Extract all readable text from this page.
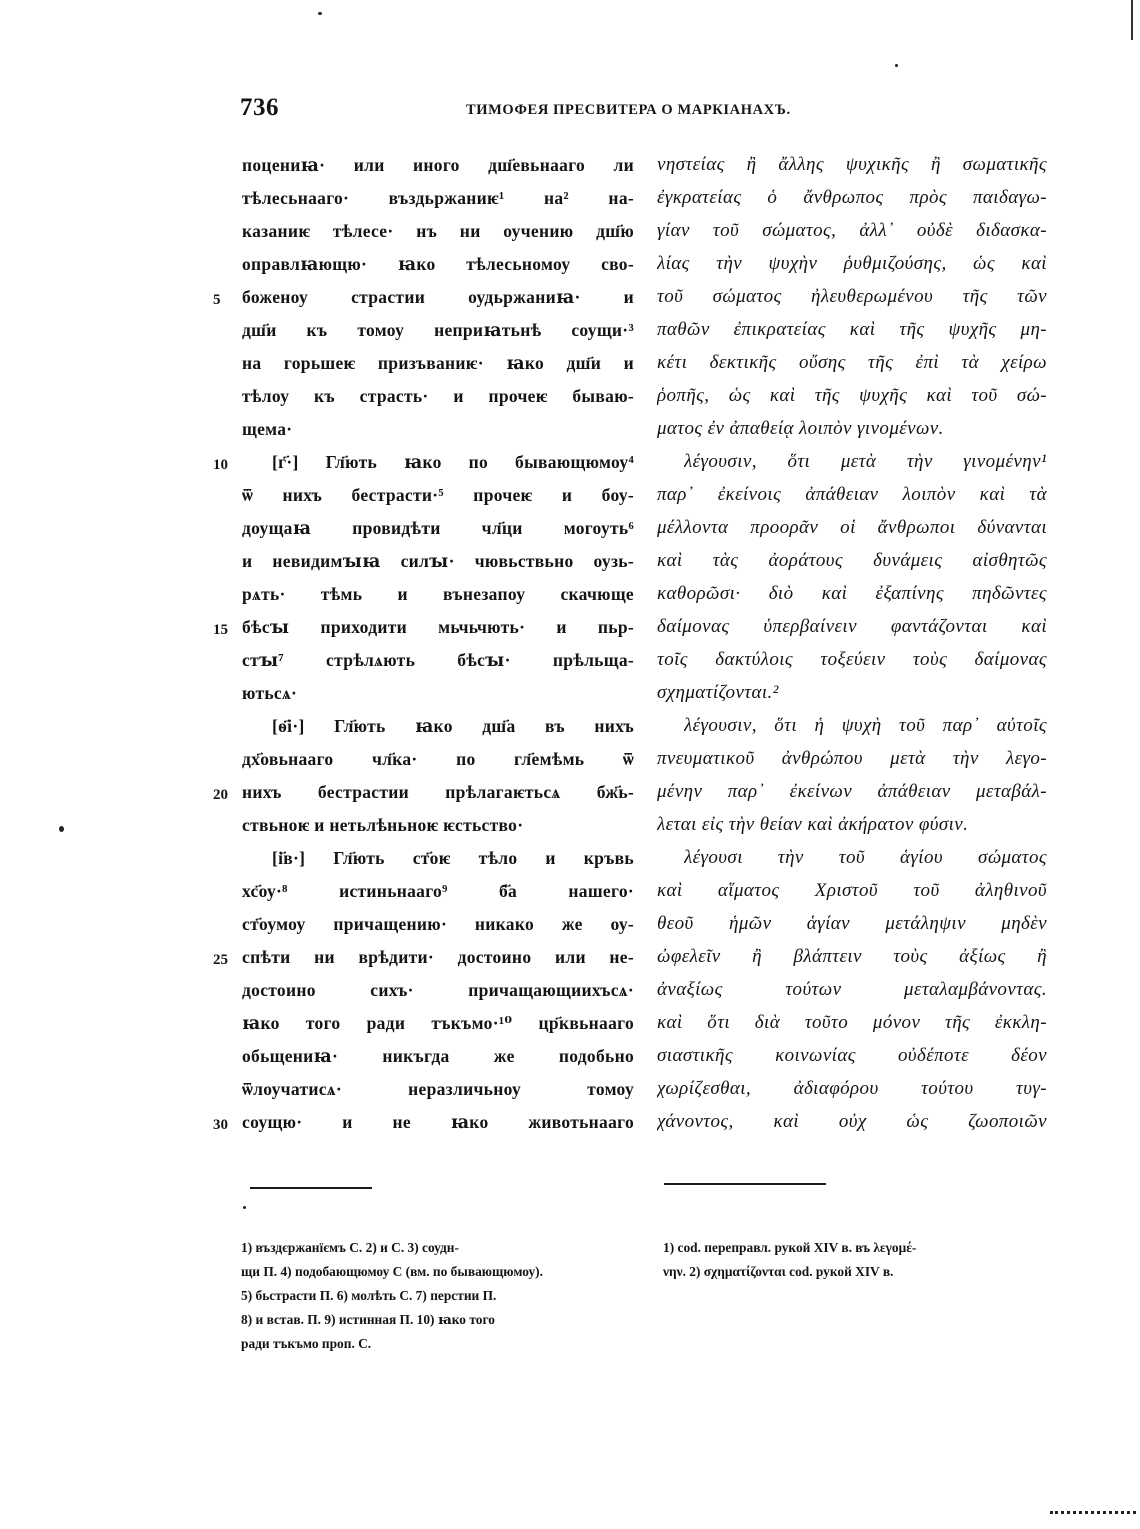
736	ТИМОФЕЯ ПРЕСВИТЕРА О МАРКІАНАХЪ.
поцениꙗ· или иного дш҃евьнааго ли
тѣлесьнааго· въздьржаниѥ¹ на² на-
казаниѥ тѣлесе· нъ ни оучению дш҃ю
оправлꙗющю· ꙗко тѣлесьномоу сво-
боженоу страстии оудьржаниꙗ· и
дш҃и къ томоу неприꙗтьнѣ соущи·³
на горьшеѥ призъваниѥ· ꙗко дш҃и и
тѣлоу къ страсть· и прочеѥ бываю-
щема·
[г҃·] Гл҃ють ꙗко по бывающюмоу⁴
ѿ нихъ бестрасти·⁵ прочеѥ и боу-
доущаꙗ провидѣти чл҃ци могоуть⁶
и невидимꙑꙗ силꙑ· чювьствьно оузь-
рѧть· тѣмь и вънезапоу скачюще
бѣсꙑ приходити мьчьчють· и пьр-
стꙑ⁷ стрѣлѧють бѣсꙑ· прѣльща-
ютьсѧ·
[ѳ҃і·] Гл҃ють ꙗко дш҃а въ нихъ
дх҃овьнааго чл҃ка· по гл҃емѣмь ѿ
нихъ бестрастии прѣлагаѥтьсѧ бж҃ь-
ствьноѥ и нетьлѣньноѥ ѥстьство·
[і҃в·] Гл҃ють ст҃оѥ тѣло и кръвь
хс҃оу·⁸ истиньнааго⁹ б҃а нашего·
ст҃оумоу причащению· никако же оу-
спѣти ни врѣдити· достоино или не-
достоино сихъ· причащающиихъсѧ·
ꙗко того ради тъкъмо·¹⁰ цр҃квьнааго
обьщениꙗ· никъгда же подобьно
ѿлоучатисѧ· неразличьноу томоу
соущю· и не ꙗко животьнааго
5
10
15
20
25
30
νηστείας ἢ ἄλλης ψυχικῆς ἢ σωματικῆς
ἐγκρατείας ὁ ἄνθρωπος πρὸς παιδαγω-
γίαν τοῦ σώματος, ἀλλ᾽ οὐδὲ διδασκα-
λίας τὴν ψυχὴν ῥυθμιζούσης, ὡς καὶ
τοῦ σώματος ἠλευθερωμένου τῆς τῶν
παθῶν ἐπικρατείας καὶ τῆς ψυχῆς μη-
κέτι δεκτικῆς οὔσης τῆς ἐπὶ τὰ χείρω
ῥοπῆς, ὡς καὶ τῆς ψυχῆς καὶ τοῦ σώ-
ματος ἐν ἀπαθείᾳ λοιπὸν γινομένων.
λέγουσιν, ὅτι μετὰ τὴν γινομένην¹
παρ᾽ ἐκείνοις ἀπάθειαν λοιπὸν καὶ τὰ
μέλλοντα προορᾶν οἱ ἄνθρωποι δύνανται
καὶ τὰς ἀοράτους δυνάμεις αἰσθητῶς
καθορῶσι· διὸ καὶ ἐξαπίνης πηδῶντες
δαίμονας ὑπερβαίνειν φαντάζονται καὶ
τοῖς δακτύλοις τοξεύειν τοὺς δαίμονας
σχηματίζονται.²
λέγουσιν, ὅτι ἡ ψυχὴ τοῦ παρ᾽ αὐτοῖς
πνευματικοῦ ἀνθρώπου μετὰ τὴν λεγο-
μένην παρ᾽ ἐκείνων ἀπάθειαν μεταβάλ-
λεται εἰς τὴν θείαν καὶ ἀκήρατον φύσιν.
λέγουσι τὴν τοῦ ἁγίου σώματος
καὶ αἵματος Χριστοῦ τοῦ ἀληθινοῦ
θεοῦ ἡμῶν ἁγίαν μετάληψιν μηδὲν
ὠφελεῖν ἢ βλάπτειν τοὺς ἀξίως ἢ
ἀναξίως τούτων μεταλαμβάνοντας.
καὶ ὅτι διὰ τοῦτο μόνον τῆς ἐκκλη-
σιαστικῆς κοινωνίας οὐδέποτε δέον
χωρίζεσθαι, ἀδιαφόρου τούτου τυγ-
χάνοντος, καὶ οὐχ ὡς ζωοποιῶν
1) въздєржанїємъ С. 2) и С. 3) соудн-
щи П. 4) подобающюмоу С (вм. по бывающюмоу).
5) бьстрасти П. 6) молѣть С. 7) перстии П.
8) и встав. П. 9) истинная П. 10) ꙗко того
ради тъкъмо проп. С.
1) cod. переправл. рукой XIV в. въ λεγομέ-
νην. 2) σχηματίζονται cod. рукой XIV в.
